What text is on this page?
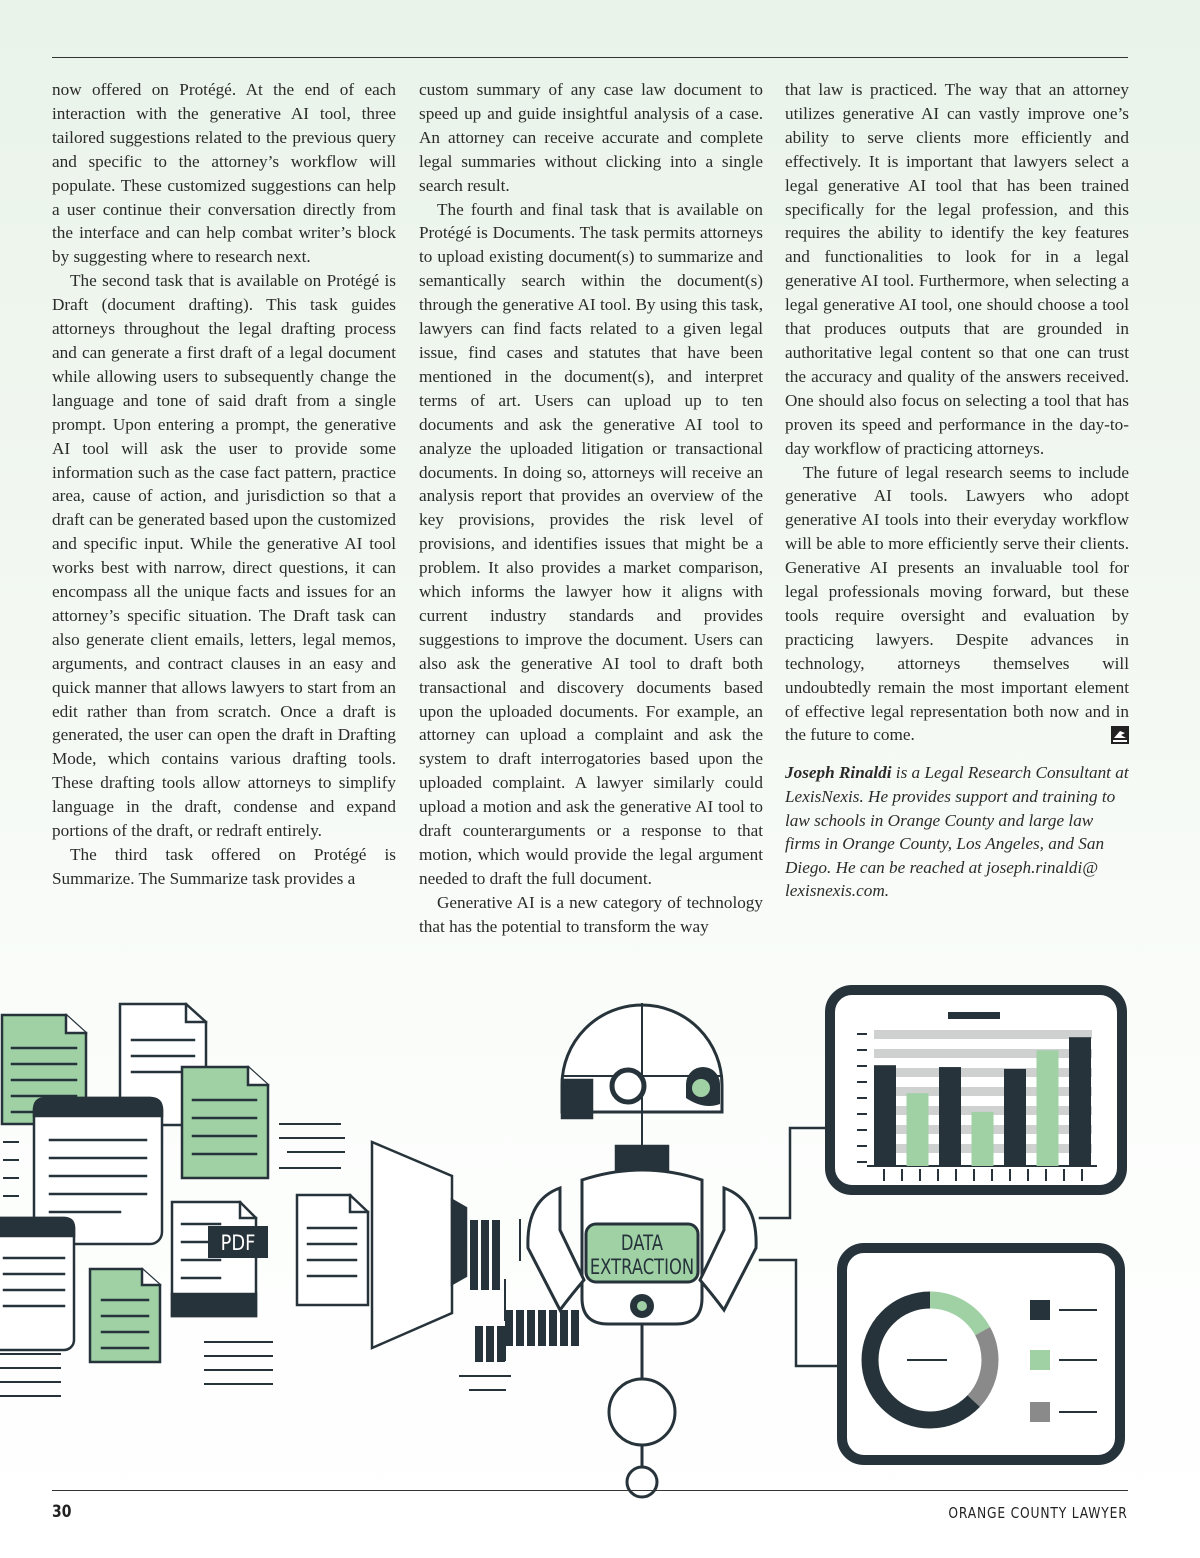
now offered on Protégé. At the end of each interaction with the generative AI tool, three tailored suggestions related to the previous query and specific to the attorney’s workflow will populate. These customized suggestions can help a user continue their conversation directly from the interface and can help combat writer’s block by suggesting where to research next.

The second task that is available on Protégé is Draft (document drafting). This task guides attorneys throughout the legal drafting process and can generate a first draft of a legal document while allowing users to subsequently change the language and tone of said draft from a single prompt. Upon entering a prompt, the generative AI tool will ask the user to provide some information such as the case fact pattern, practice area, cause of action, and jurisdiction so that a draft can be generated based upon the customized and specific input. While the generative AI tool works best with narrow, direct questions, it can encompass all the unique facts and issues for an attorney’s specific situation. The Draft task can also generate client emails, letters, legal memos, arguments, and contract clauses in an easy and quick manner that allows lawyers to start from an edit rather than from scratch. Once a draft is generated, the user can open the draft in Drafting Mode, which contains various drafting tools. These drafting tools allow attorneys to simplify language in the draft, condense and expand portions of the draft, or redraft entirely.

The third task offered on Protégé is Summarize. The Summarize task provides a

custom summary of any case law document to speed up and guide insightful analysis of a case. An attorney can receive accurate and complete legal summaries without clicking into a single search result.

The fourth and final task that is available on Protégé is Documents. The task permits attorneys to upload existing document(s) to summarize and semantically search within the document(s) through the generative AI tool. By using this task, lawyers can find facts related to a given legal issue, find cases and statutes that have been mentioned in the document(s), and interpret terms of art. Users can upload up to ten documents and ask the generative AI tool to analyze the uploaded litigation or transactional documents. In doing so, attorneys will receive an analysis report that provides an overview of the key provisions, provides the risk level of provisions, and identifies issues that might be a problem. It also provides a market comparison, which informs the lawyer how it aligns with current industry standards and provides suggestions to improve the document. Users can also ask the generative AI tool to draft both transactional and discovery documents based upon the uploaded documents. For example, an attorney can upload a complaint and ask the system to draft interrogatories based upon the uploaded complaint. A lawyer similarly could upload a motion and ask the generative AI tool to draft counterarguments or a response to that motion, which would provide the legal argument needed to draft the full document.

Generative AI is a new category of technology that has the potential to transform the way

that law is practiced. The way that an attorney utilizes generative AI can vastly improve one’s ability to serve clients more efficiently and effectively. It is important that lawyers select a legal generative AI tool that has been trained specifically for the legal profession, and this requires the ability to identify the key features and functionalities to look for in a legal generative AI tool. Furthermore, when selecting a legal generative AI tool, one should choose a tool that produces outputs that are grounded in authoritative legal content so that one can trust the accuracy and quality of the answers received. One should also focus on selecting a tool that has proven its speed and performance in the day-to-day workflow of practicing attorneys.

The future of legal research seems to include generative AI tools. Lawyers who adopt generative AI tools into their everyday workflow will be able to more efficiently serve their clients. Generative AI presents an invaluable tool for legal professionals moving forward, but these tools require oversight and evaluation by practicing lawyers. Despite advances in technology, attorneys themselves will undoubtedly remain the most important element of effective legal representation both now and in the future to come.

Joseph Rinaldi is a Legal Research Consultant at LexisNexis. He provides support and training to law schools in Orange County and large law firms in Orange County, Los Angeles, and San Diego. He can be reached at joseph.rinaldi@ lexisnexis.com.

PDF	DATA
EXTRACTION
30	ORANGE COUNTY LAWYER
